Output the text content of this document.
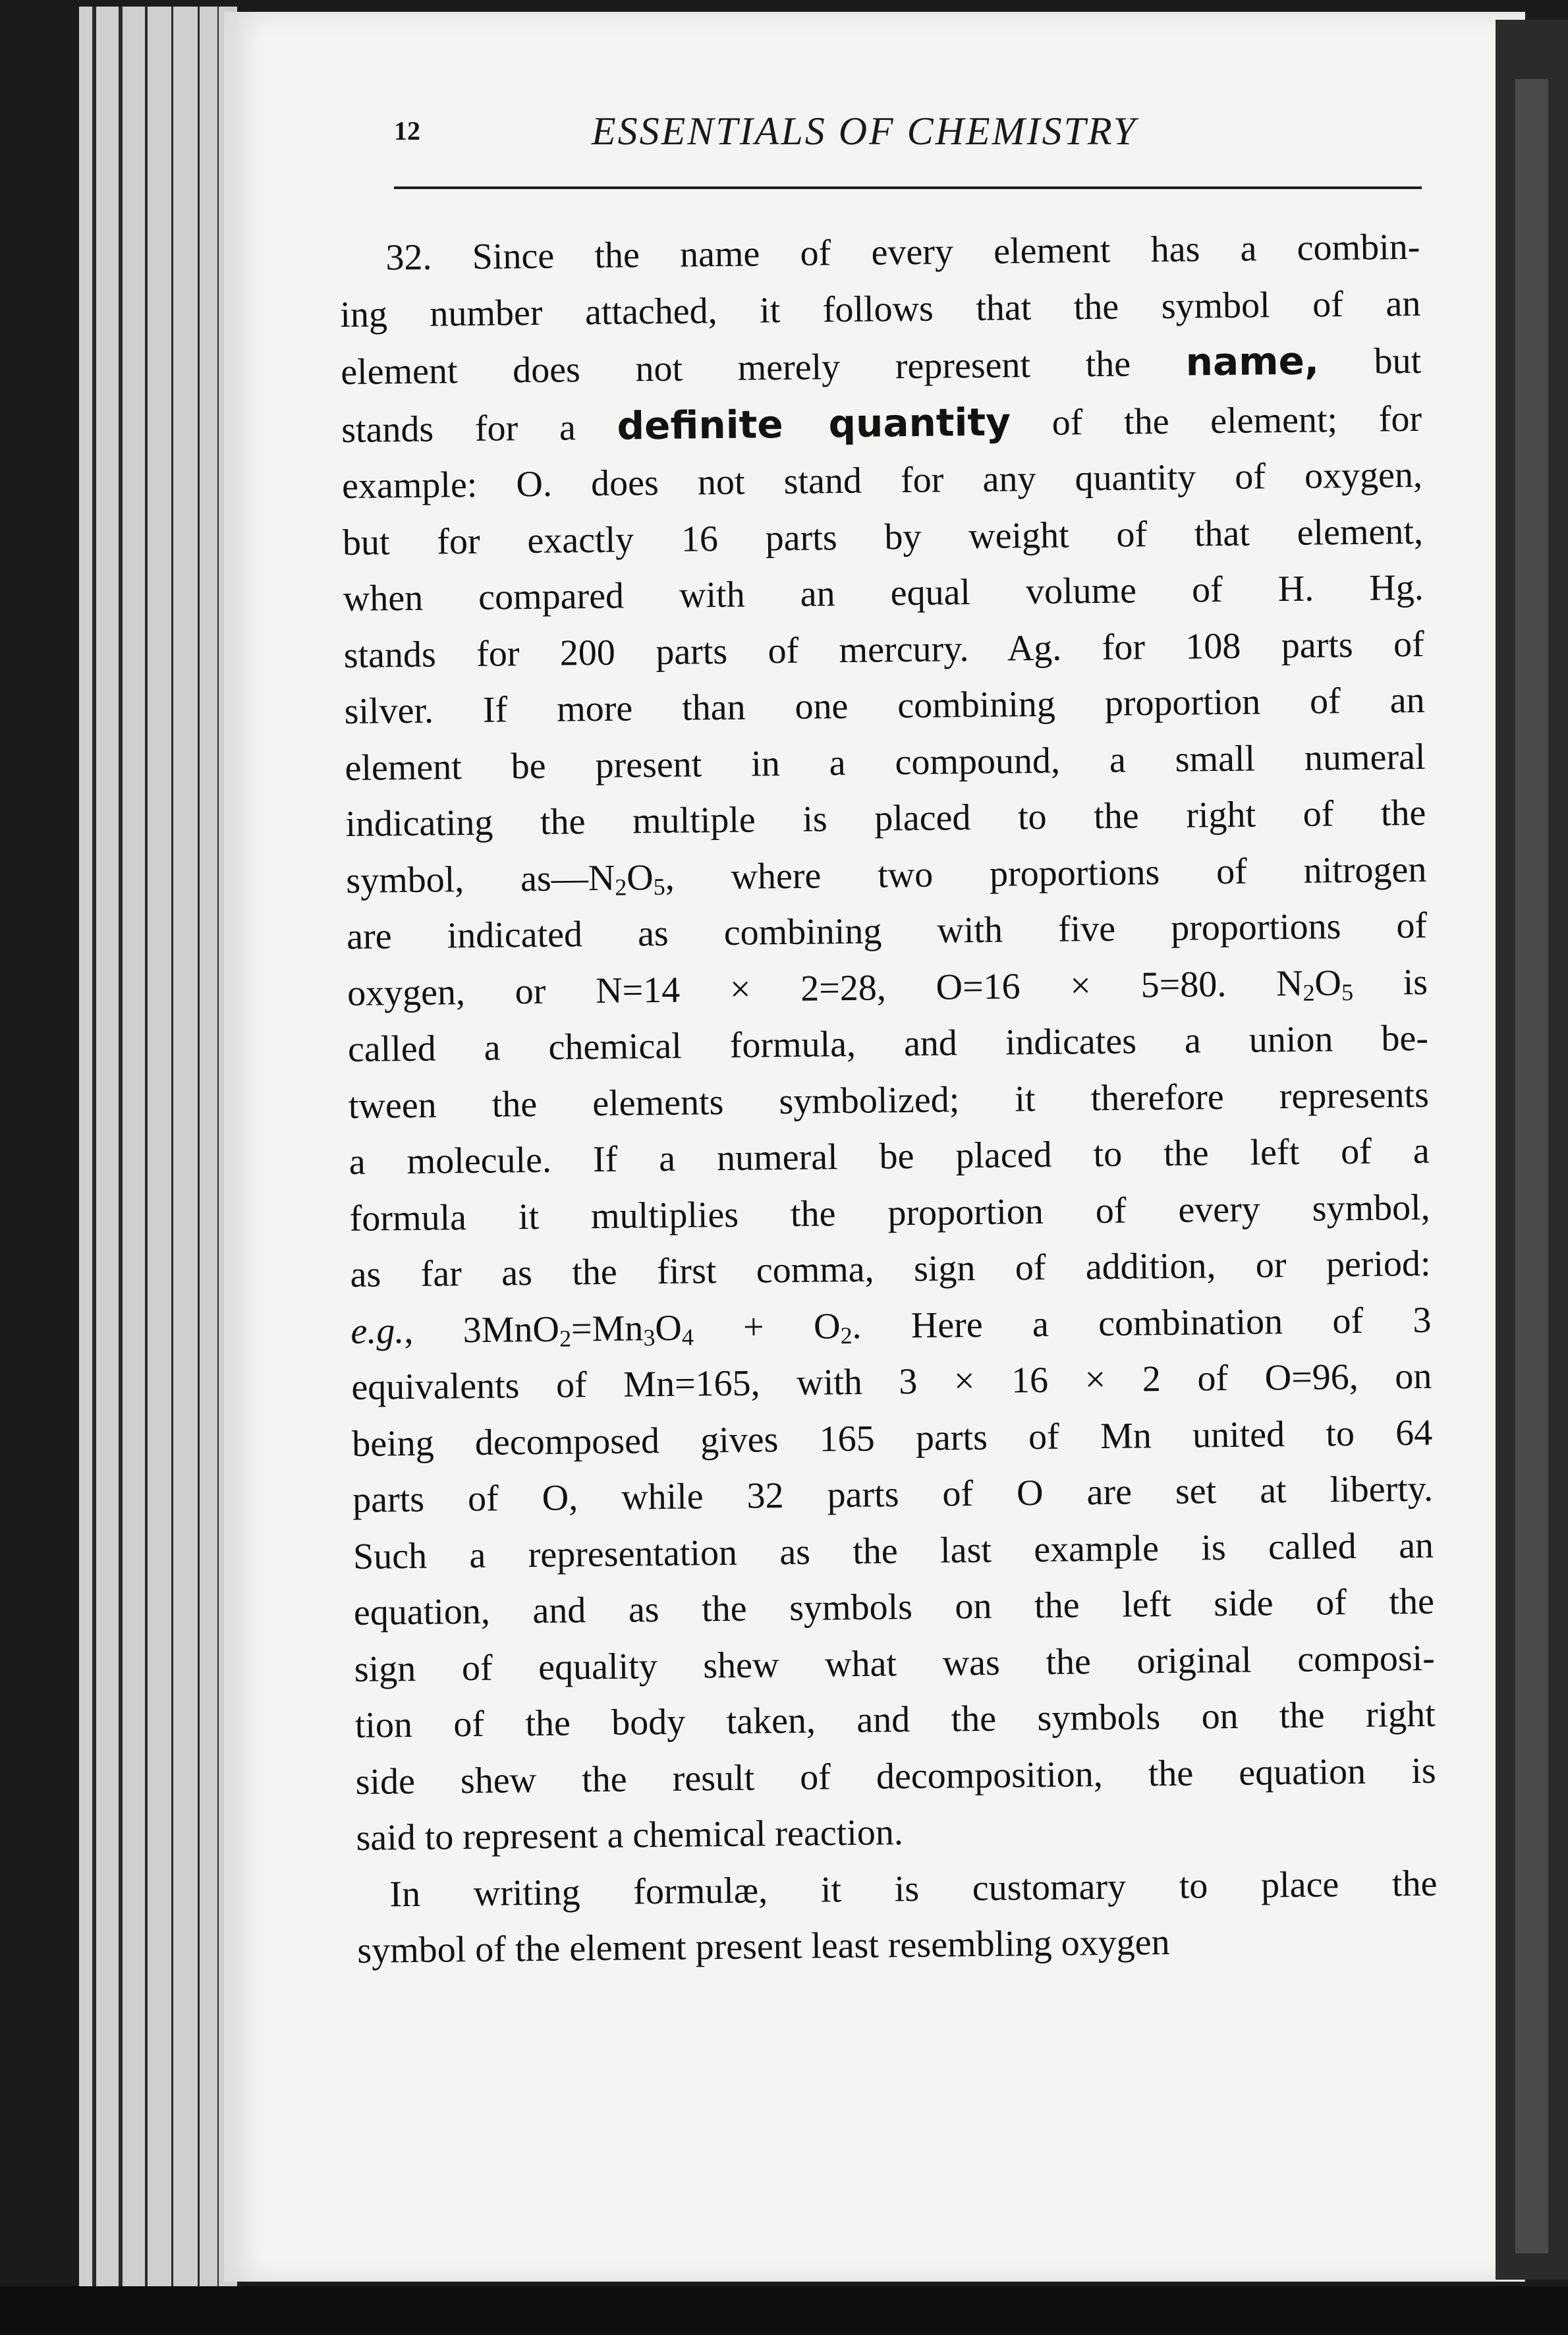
12	ESSENTIALS OF CHEMISTRY
32. Since the name of every element has a combin-
ing number attached, it follows that the symbol of an
element does not merely represent the name, but
stands for a definite quantity of the element; for
example: O. does not stand for any quantity of oxygen,
but for exactly 16 parts by weight of that element,
when compared with an equal volume of H. Hg.
stands for 200 parts of mercury. Ag. for 108 parts of
silver. If more than one combining proportion of an
element be present in a compound, a small numeral
indicating the multiple is placed to the right of the
symbol, $as—N_2O_5$, where two proportions of nitrogen
are indicated as combining with five proportions of
oxygen, or N=14 × 2=28, O=16 × 5=80. $N_2O_5$ is
called a chemical formula, and indicates a union be-
tween the elements symbolized; it therefore represents
a molecule. If a numeral be placed to the left of a
formula it multiplies the proportion of every symbol,
as far as the first comma, sign of addition, or period:
e.g., $3MnO_2=Mn_3O_4 + O_2$. Here a combination of 3
equivalents of Mn=165, with 3 × 16 × 2 of O=96, on
being decomposed gives 165 parts of Mn united to 64
parts of O, while 32 parts of O are set at liberty.
Such a representation as the last example is called an
equation, and as the symbols on the left side of the
sign of equality shew what was the original composi-
tion of the body taken, and the symbols on the right
side shew the result of decomposition, the equation is
said to represent a chemical reaction.
In writing formulæ, it is customary to place the
symbol of the element present least resembling oxygen
